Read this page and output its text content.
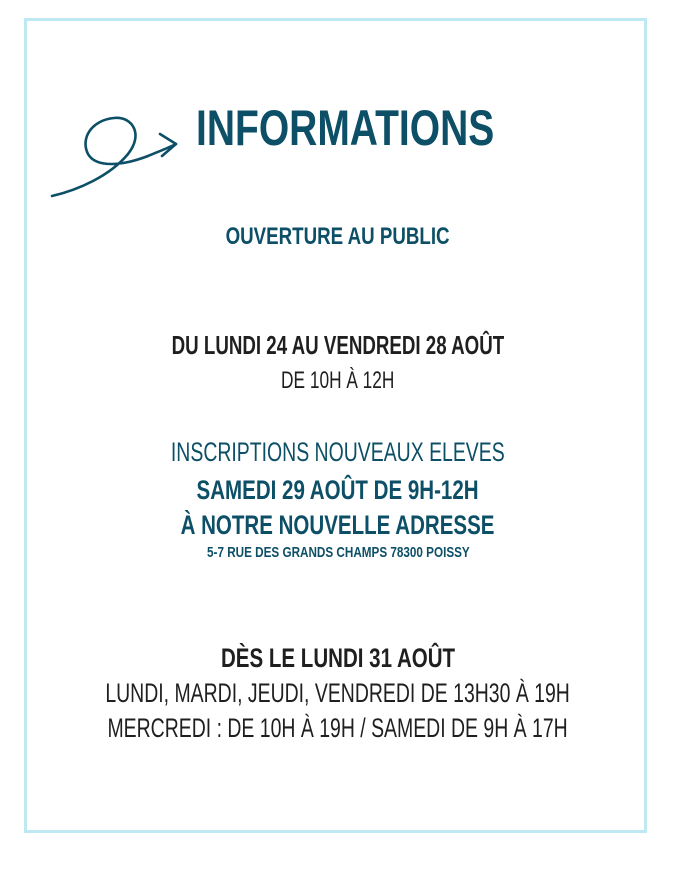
INFORMATIONS

OUVERTURE AU PUBLIC

DU LUNDI 24 AU VENDREDI 28 AOÛT

DE 10H À 12H

INSCRIPTIONS NOUVEAUX ELEVES

SAMEDI 29 AOÛT DE 9H-12H

À NOTRE NOUVELLE ADRESSE

5-7 RUE DES GRANDS CHAMPS 78300 POISSY

DÈS LE LUNDI 31 AOÛT

LUNDI, MARDI, JEUDI, VENDREDI DE 13H30 À 19H

MERCREDI : DE 10H À 19H / SAMEDI DE 9H À 17H
